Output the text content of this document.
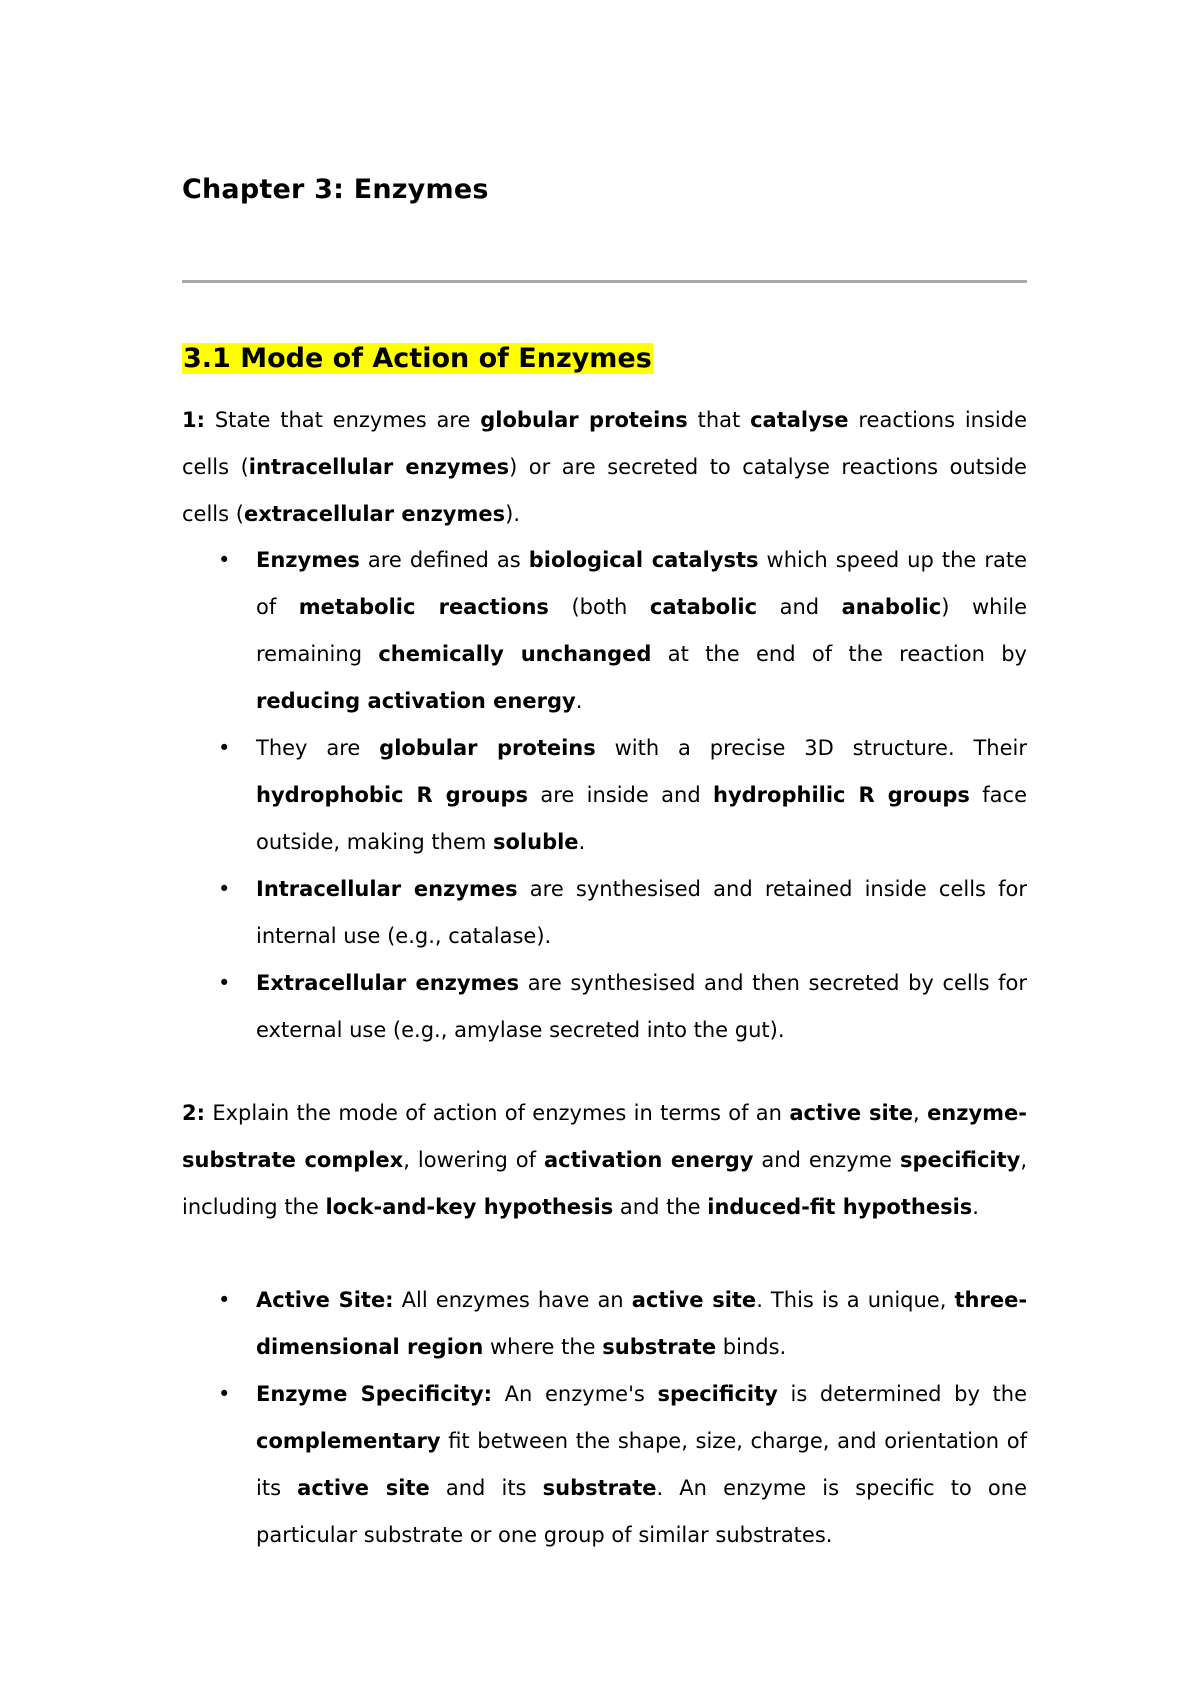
Chapter 3: Enzymes
3.1 Mode of Action of Enzymes

1: State that enzymes are globular proteins that catalyse reactions inside cells (intracellular enzymes) or are secreted to catalyse reactions outside cells (extracellular enzymes).

• Enzymes are defined as biological catalysts which speed up the rate of metabolic reactions (both catabolic and anabolic) while remaining chemically unchanged at the end of the reaction by reducing activation energy.
• They are globular proteins with a precise 3D structure. Their hydrophobic R groups are inside and hydrophilic R groups face outside, making them soluble.
• Intracellular enzymes are synthesised and retained inside cells for internal use (e.g., catalase).
• Extracellular enzymes are synthesised and then secreted by cells for external use (e.g., amylase secreted into the gut).

2: Explain the mode of action of enzymes in terms of an active site, enzyme-substrate complex, lowering of activation energy and enzyme specificity, including the lock-and-key hypothesis and the induced-fit hypothesis.

• Active Site: All enzymes have an active site. This is a unique, three-dimensional region where the substrate binds.
• Enzyme Specificity: An enzyme's specificity is determined by the complementary fit between the shape, size, charge, and orientation of its active site and its substrate. An enzyme is specific to one particular substrate or one group of similar substrates.
